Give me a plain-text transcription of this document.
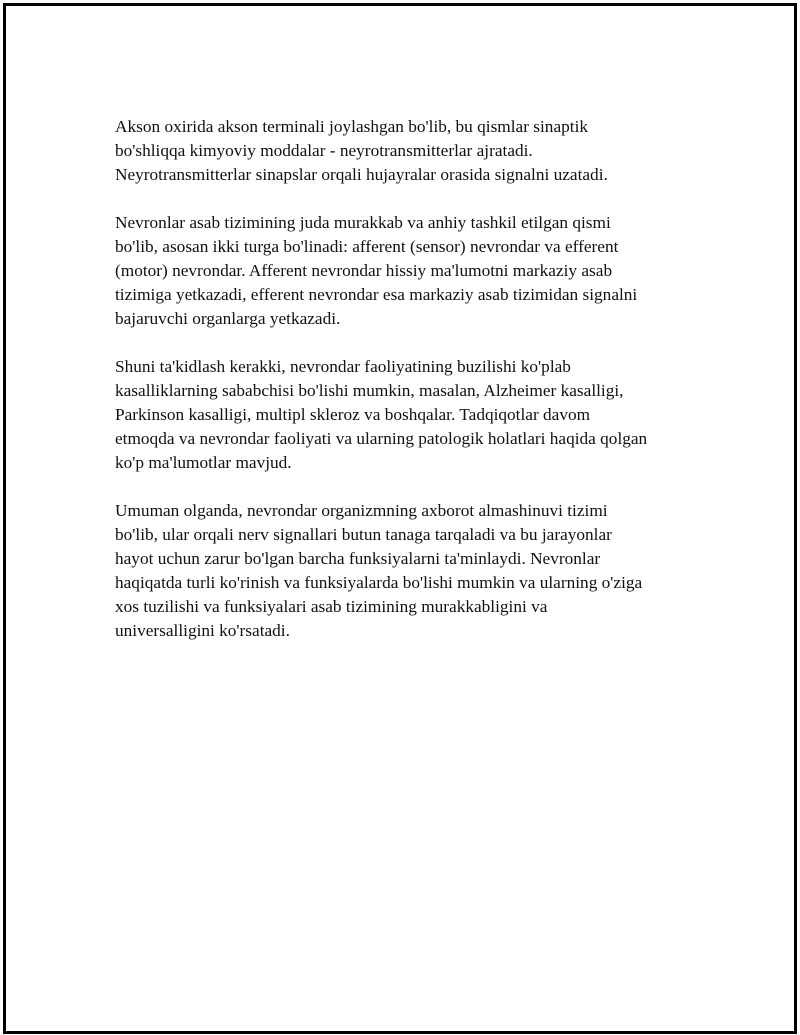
Akson oxirida akson terminali joylashgan bo'lib, bu qismlar sinaptik
bo'shliqqa kimyoviy moddalar - neyrotransmitterlar ajratadi.
Neyrotransmitterlar sinapslar orqali hujayralar orasida signalni uzatadi.

Nevronlar asab tizimining juda murakkab va anhiy tashkil etilgan qismi
bo'lib, asosan ikki turga bo'linadi: afferent (sensor) nevrondar va efferent
(motor) nevrondar. Afferent nevrondar hissiy ma'lumotni markaziy asab
tizimiga yetkazadi, efferent nevrondar esa markaziy asab tizimidan signalni
bajaruvchi organlarga yetkazadi.

Shuni ta'kidlash kerakki, nevrondar faoliyatining buzilishi ko'plab
kasalliklarning sababchisi bo'lishi mumkin, masalan, Alzheimer kasalligi,
Parkinson kasalligi, multipl skleroz va boshqalar. Tadqiqotlar davom
etmoqda va nevrondar faoliyati va ularning patologik holatlari haqida qolgan
ko'p ma'lumotlar mavjud.

Umuman olganda, nevrondar organizmning axborot almashinuvi tizimi
bo'lib, ular orqali nerv signallari butun tanaga tarqaladi va bu jarayonlar
hayot uchun zarur bo'lgan barcha funksiyalarni ta'minlaydi. Nevronlar
haqiqatda turli ko'rinish va funksiyalarda bo'lishi mumkin va ularning o'ziga
xos tuzilishi va funksiyalari asab tizimining murakkabligini va
universalligini ko'rsatadi.
